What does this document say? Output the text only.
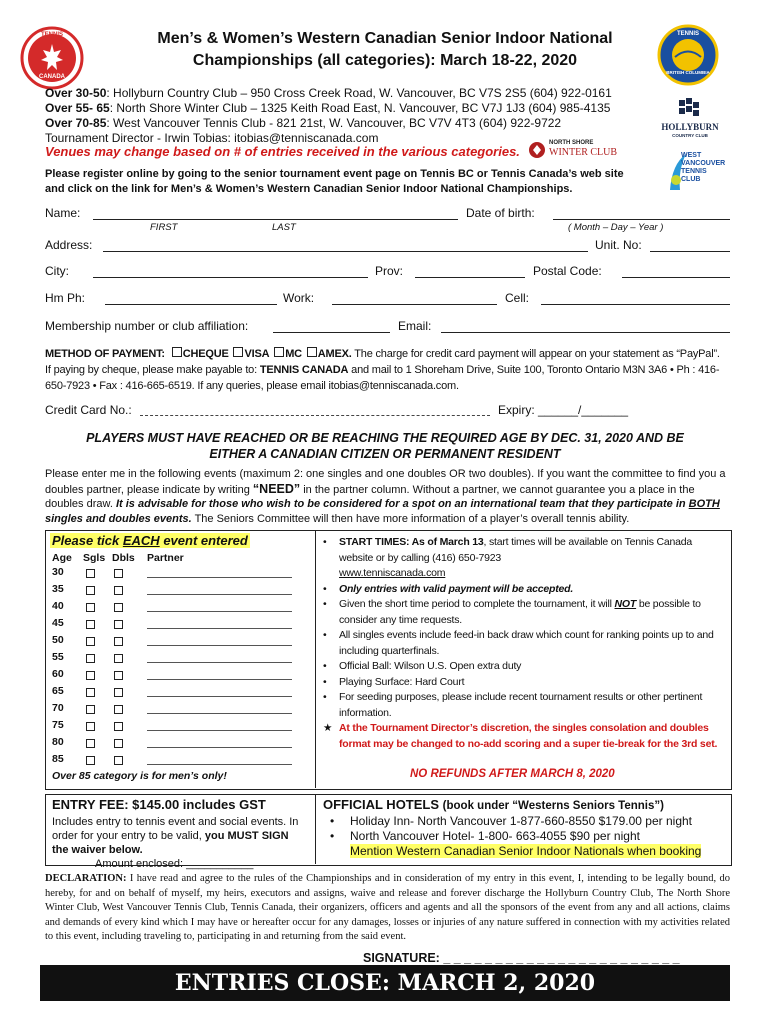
TENNIS
CANADA
TENNIS
BRITISH COLUMBIA
HOLLYBURN
COUNTRY CLUB
NORTH SHORE
WINTER CLUB	WEST
VANCOUVER
TENNIS
CLUB
Men’s & Women’s Western Canadian Senior Indoor National
Championships (all categories): March 18-22, 2020
Over 30-50: Hollyburn Country Club – 950 Cross Creek Road, W. Vancouver, BC V7S 2S5 (604) 922-0161
Over 55- 65: North Shore Winter Club – 1325 Keith Road East, N. Vancouver, BC V7J 1J3 (604) 985-4135
Over 70-85: West Vancouver Tennis Club - 821 21st, W. Vancouver, BC V7V 4T3 (604) 922-9722
Tournament Director - Irwin Tobias: itobias@tenniscanada.com
Venues may change based on # of entries received in the various categories.
Please register online by going to the senior tournament event page on Tennis BC or Tennis Canada’s web site and click on the link for Men’s & Women’s Western Canadian Senior Indoor National Championships.
Name:
FIRST	LAST
Date of birth:
( Month – Day – Year )
Address:	Unit. No:
City:	Prov:	Postal Code:
Hm Ph:	Work:	Cell:
Membership number or club affiliation:	Email:
METHOD OF PAYMENT: CHEQUE VISA MC AMEX. The charge for credit card payment will appear on your statement as “PayPal”. If paying by cheque, please make payable to: TENNIS CANADA and mail to 1 Shoreham Drive, Suite 100, Toronto Ontario M3N 3A6 • Ph : 416-650-7923 • Fax : 416-665-6519. If any queries, please email itobias@tenniscanada.com.
Credit Card No.:	Expiry: ______/_______
PLAYERS MUST HAVE REACHED OR BE REACHING THE REQUIRED AGE BY DEC. 31, 2020 AND BE
EITHER A CANADIAN CITIZEN OR PERMANENT RESIDENT
Please enter me in the following events (maximum 2: one singles and one doubles OR two doubles). If you want the committee to find you a doubles partner, please indicate by writing “NEED” in the partner column. Without a partner, we cannot guarantee you a place in the doubles draw. It is advisable for those who wish to be considered for a spot on an international team that they participate in BOTH singles and doubles events. The Seniors Committee will then have more information of a player’s overall tennis ability.
Please tick EACH event entered
Age Sgls Dbls Partner
30
35
40
45
50
55
60
65
70
75
80
85
Over 85 category is for men’s only!
• START TIMES: As of March 13, start times will be available on Tennis Canada website or by calling (416) 650-7923
www.tenniscanada.com
• Only entries with valid payment will be accepted.
• Given the short time period to complete the tournament, it will NOT be possible to consider any time requests.
• All singles events include feed-in back draw which count for ranking points up to and including quarterfinals.
• Official Ball: Wilson U.S. Open extra duty
• Playing Surface: Hard Court
• For seeding purposes, please include recent tournament results or other pertinent information.
★ At the Tournament Director’s discretion, the singles consolation and doubles format may be changed to no-add scoring and a super tie-break for the 3rd set.
NO REFUNDS AFTER MARCH 8, 2020
ENTRY FEE: $145.00 includes GST
Includes entry to tennis event and social events. In order for your entry to be valid, you MUST SIGN the waiver below.
Amount enclosed: ___________
OFFICIAL HOTELS (book under “Westerns Seniors Tennis”)
• Holiday Inn- North Vancouver 1-877-660-8550 $179.00 per night
• North Vancouver Hotel- 1-800- 663-4055 $90 per night
Mention Western Canadian Senior Indoor Nationals when booking
DECLARATION: I have read and agree to the rules of the Championships and in consideration of my entry in this event, I, intending to be legally bound, do hereby, for and on behalf of myself, my heirs, executors and assigns, waive and release and forever discharge the Hollyburn Country Club, The North Shore Winter Club, West Vancouver Tennis Club, Tennis Canada, their organizers, officers and agents and all the sponsors of the event from any and all actions, claims and demands of every kind which I may have or hereafter occur for any damages, losses or injuries of any nature suffered in connection with my activities related to this event, including traveling to, participating in and returning from the said event.
SIGNATURE: _ _ _ _ _ _ _ _ _ _ _ _ _ _ _ _ _ _ _ _ _ _ _
ENTRIES CLOSE: MARCH 2, 2020
